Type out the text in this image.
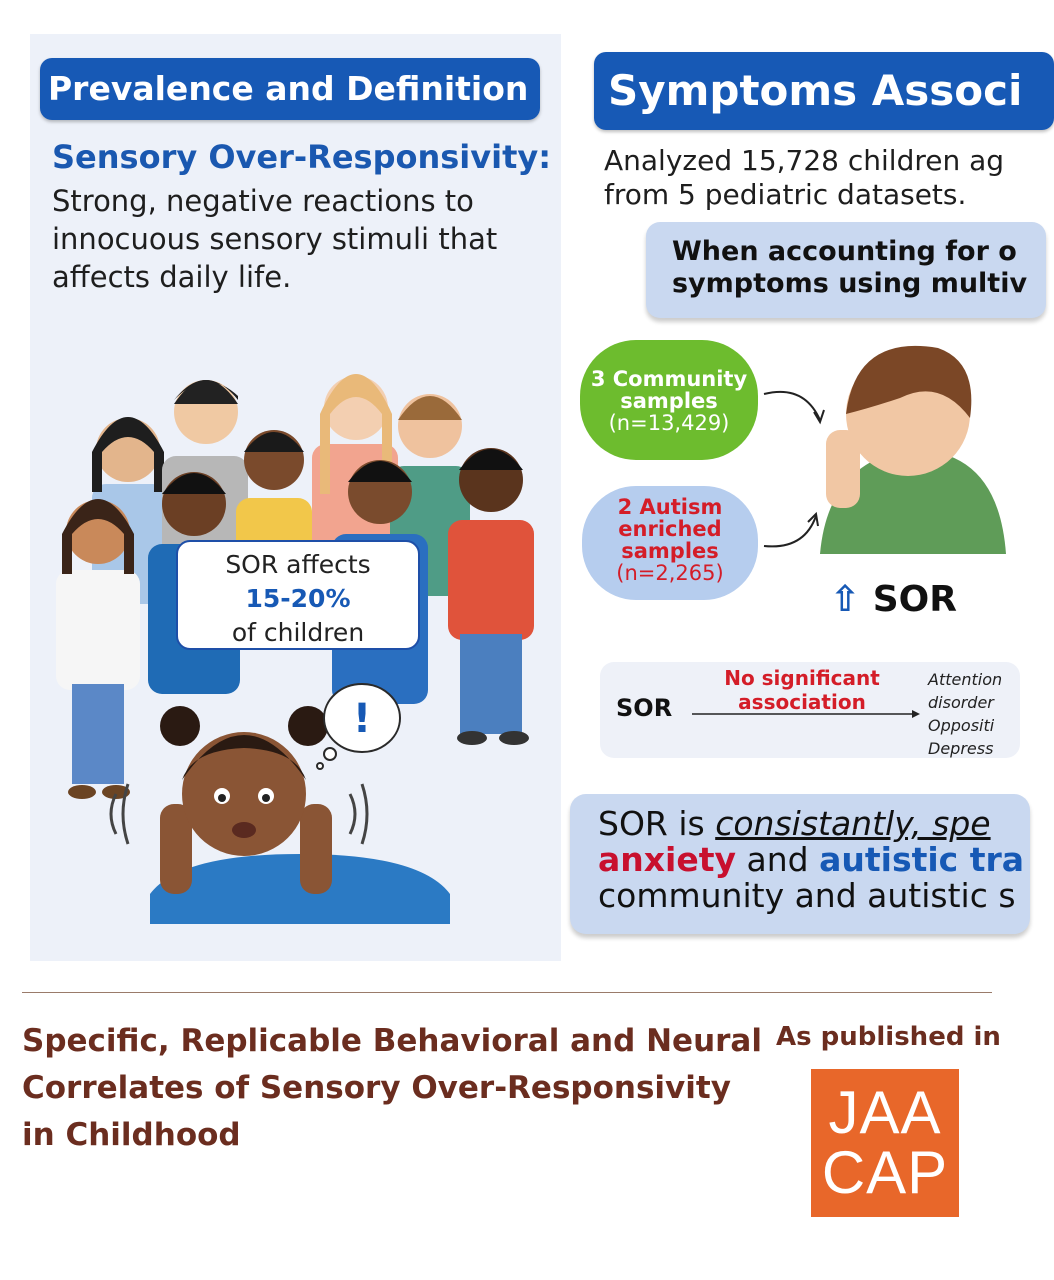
Prevalence and Definition
Sensory Over-Responsivity:
Strong, negative reactions to innocuous sensory stimuli that affects daily life.
!
SOR affects
15-20%
of children
Symptoms Associ
Analyzed 15,728 children ag
from 5 pediatric datasets.
When accounting for o
symptoms using multiv
3 Community
samples
(n=13,429)
2 Autism
enriched
samples
(n=2,265)
⇧ SOR
SOR
No significant
association
Attention
disorder
Oppositi
Depress
SOR is consistantly, spe
anxiety and autistic tra
community and autistic s
Specific, Replicable Behavioral and Neural Correlates of Sensory Over-Responsivity in Childhood
As published in
JAA
CAP
